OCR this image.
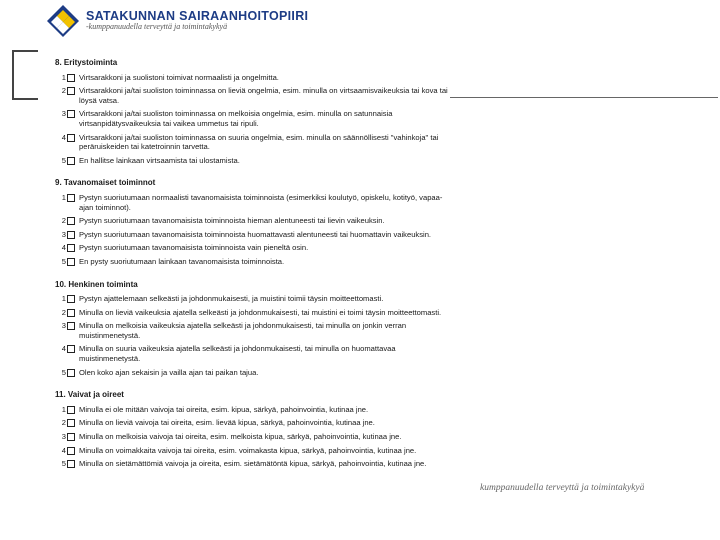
SATAKUNNAN SAIRAANHOITOPIIRI
-kumppanuudella terveyttä ja toimintakykyä
8. Eritystoiminta
1 Virtsarakkoni ja suolistoni toimivat normaalisti ja ongelmitta.
2 Virtsarakkoni ja/tai suoliston toiminnassa on lieviä ongelmia, esim. minulla on virtsaamisvaikeuksia tai kova tai löysä vatsa.
3 Virtsarakkoni ja/tai suoliston toiminnassa on melkoisia ongelmia, esim. minulla on satunnaisia virtsanpidätysvaikeuksia tai vaikea ummetus tai ripuli.
4 Virtsarakkoni ja/tai suoliston toiminnassa on suuria ongelmia, esim. minulla on säännöllisesti "vahinkoja" tai peräruiskeiden tai katetroinnin tarvetta.
5 En hallitse lainkaan virtsaamista tai ulostamista.
9. Tavanomaiset toiminnot
1 Pystyn suoriutumaan normaalisti tavanomaisista toiminnoista (esimerkiksi koulutyö, opiskelu, kotityö, vapaa-ajan toiminnot).
2 Pystyn suoriutumaan tavanomaisista toiminnoista hieman alentuneesti tai lievin vaikeuksin.
3 Pystyn suoriutumaan tavanomaisista toiminnoista huomattavasti alentuneesti tai huomattavin vaikeuksin.
4 Pystyn suoriutumaan tavanomaisista toiminnoista vain pieneltä osin.
5 En pysty suoriutumaan lainkaan tavanomaisista toiminnoista.
10. Henkinen toiminta
1 Pystyn ajattelemaan selkeästi ja johdonmukaisesti, ja muistini toimii täysin moitteettomasti.
2 Minulla on lieviä vaikeuksia ajatella selkeästi ja johdonmukaisesti, tai muistini ei toimi täysin moitteettomasti.
3 Minulla on melkoisia vaikeuksia ajatella selkeästi ja johdonmukaisesti, tai minulla on jonkin verran muistinmenetystä.
4 Minulla on suuria vaikeuksia ajatella selkeästi ja johdonmukaisesti, tai minulla on huomattavaa muistinmenetystä.
5 Olen koko ajan sekaisin ja vailla ajan tai paikan tajua.
11. Vaivat ja oireet
1 Minulla ei ole mitään vaivoja tai oireita, esim. kipua, särkyä, pahoinvointia, kutinaa jne.
2 Minulla on lieviä vaivoja tai oireita, esim. lievää kipua, särkyä, pahoinvointia, kutinaa jne.
3 Minulla on melkoisia vaivoja tai oireita, esim. melkoista kipua, särkyä, pahoinvointia, kutinaa jne.
4 Minulla on voimakkaita vaivoja tai oireita, esim. voimakasta kipua, särkyä, pahoinvointia, kutinaa jne.
5 Minulla on sietämättömiä vaivoja ja oireita, esim. sietämätöntä kipua, särkyä, pahoinvointia, kutinaa jne.
kumppanuudella terveyttä ja toimintakykyä
